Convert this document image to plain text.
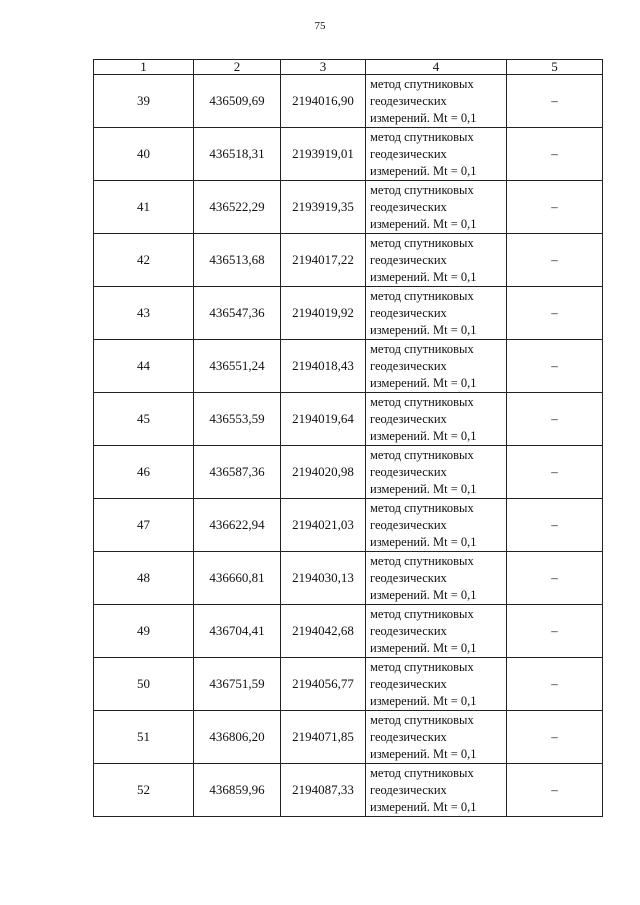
75
1	2	3	4	5
39	436509,69	2194016,90	метод спутниковых
геодезических
измерений. Mt = 0,1	–
40	436518,31	2193919,01	метод спутниковых
геодезических
измерений. Mt = 0,1	–
41	436522,29	2193919,35	метод спутниковых
геодезических
измерений. Mt = 0,1	–
42	436513,68	2194017,22	метод спутниковых
геодезических
измерений. Mt = 0,1	–
43	436547,36	2194019,92	метод спутниковых
геодезических
измерений. Mt = 0,1	–
44	436551,24	2194018,43	метод спутниковых
геодезических
измерений. Mt = 0,1	–
45	436553,59	2194019,64	метод спутниковых
геодезических
измерений. Mt = 0,1	–
46	436587,36	2194020,98	метод спутниковых
геодезических
измерений. Mt = 0,1	–
47	436622,94	2194021,03	метод спутниковых
геодезических
измерений. Mt = 0,1	–
48	436660,81	2194030,13	метод спутниковых
геодезических
измерений. Mt = 0,1	–
49	436704,41	2194042,68	метод спутниковых
геодезических
измерений. Mt = 0,1	–
50	436751,59	2194056,77	метод спутниковых
геодезических
измерений. Mt = 0,1	–
51	436806,20	2194071,85	метод спутниковых
геодезических
измерений. Mt = 0,1	–
52	436859,96	2194087,33	метод спутниковых
геодезических
измерений. Mt = 0,1	–
